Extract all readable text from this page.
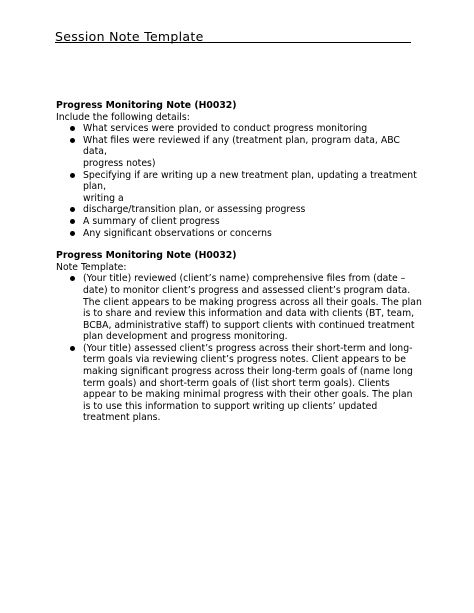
Session Note Template
Progress Monitoring Note (H0032)
Include the following details:
What services were provided to conduct progress monitoring
What files were reviewed if any (treatment plan, program data, ABC data,
progress notes)
Specifying if are writing up a new treatment plan, updating a treatment plan,
writing a
discharge/transition plan, or assessing progress
A summary of client progress
Any significant observations or concerns
Progress Monitoring Note (H0032)
Note Template:
(Your title) reviewed (client’s name) comprehensive files from (date – date) to monitor client’s progress and assessed client’s program data. The client appears to be making progress across all their goals. The plan is to share and review this information and data with clients (BT, team, BCBA, administrative staff) to support clients with continued treatment plan development and progress monitoring.
(Your title) assessed client’s progress across their short-term and long-term goals via reviewing client’s progress notes. Client appears to be making significant progress across their long-term goals of (name long term goals) and short-term goals of (list short term goals). Clients appear to be making minimal progress with their other goals. The plan is to use this information to support writing up clients’ updated treatment plans.
